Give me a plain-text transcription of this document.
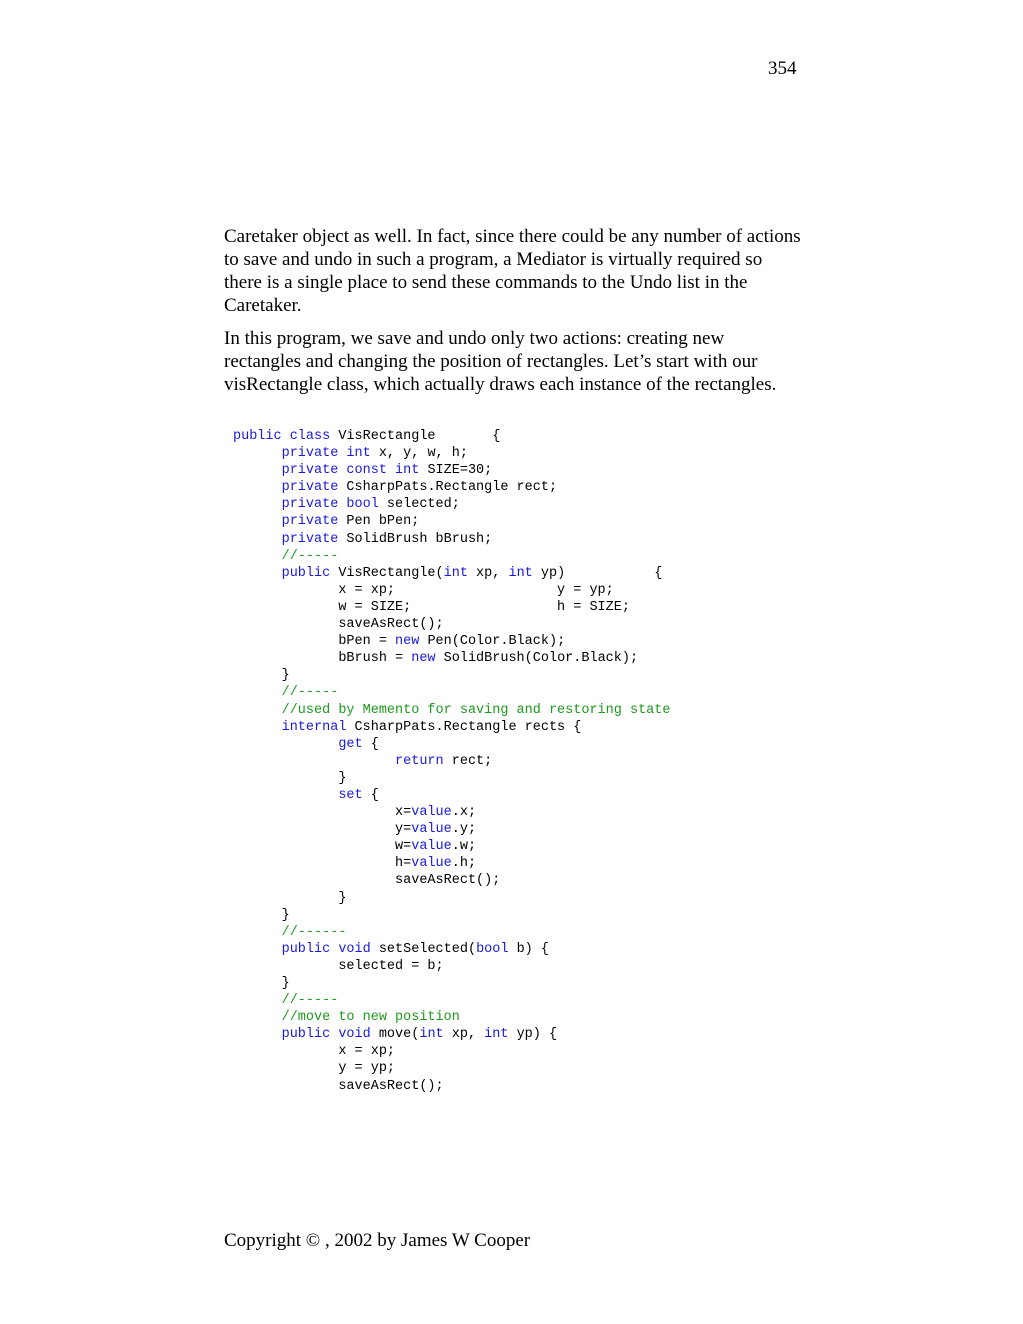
354

Caretaker object as well. In fact, since there could be any number of actions to save and undo in such a program, a Mediator is virtually required so there is a single place to send these commands to the Undo list in the Caretaker.

In this program, we save and undo only two actions: creating new rectangles and changing the position of rectangles. Let’s start with our visRectangle class, which actually draws each instance of the rectangles.

public class VisRectangle       {
private int x, y, w, h;
private const int SIZE=30;
private CsharpPats.Rectangle rect;
private bool selected;
private Pen bPen;
private SolidBrush bBrush;
//-----
public VisRectangle(int xp, int yp)           {
x = xp;                    y = yp;
w = SIZE;                  h = SIZE;
saveAsRect();
bPen = new Pen(Color.Black);
bBrush = new SolidBrush(Color.Black);
}
//-----
//used by Memento for saving and restoring state
internal CsharpPats.Rectangle rects {
get {
return rect;
}
set {
x=value.x;
y=value.y;
w=value.w;
h=value.h;
saveAsRect();
}
}
//------
public void setSelected(bool b) {
selected = b;
}
//-----
//move to new position
public void move(int xp, int yp) {
x = xp;
y = yp;
saveAsRect();
Copyright © , 2002 by James W Cooper
